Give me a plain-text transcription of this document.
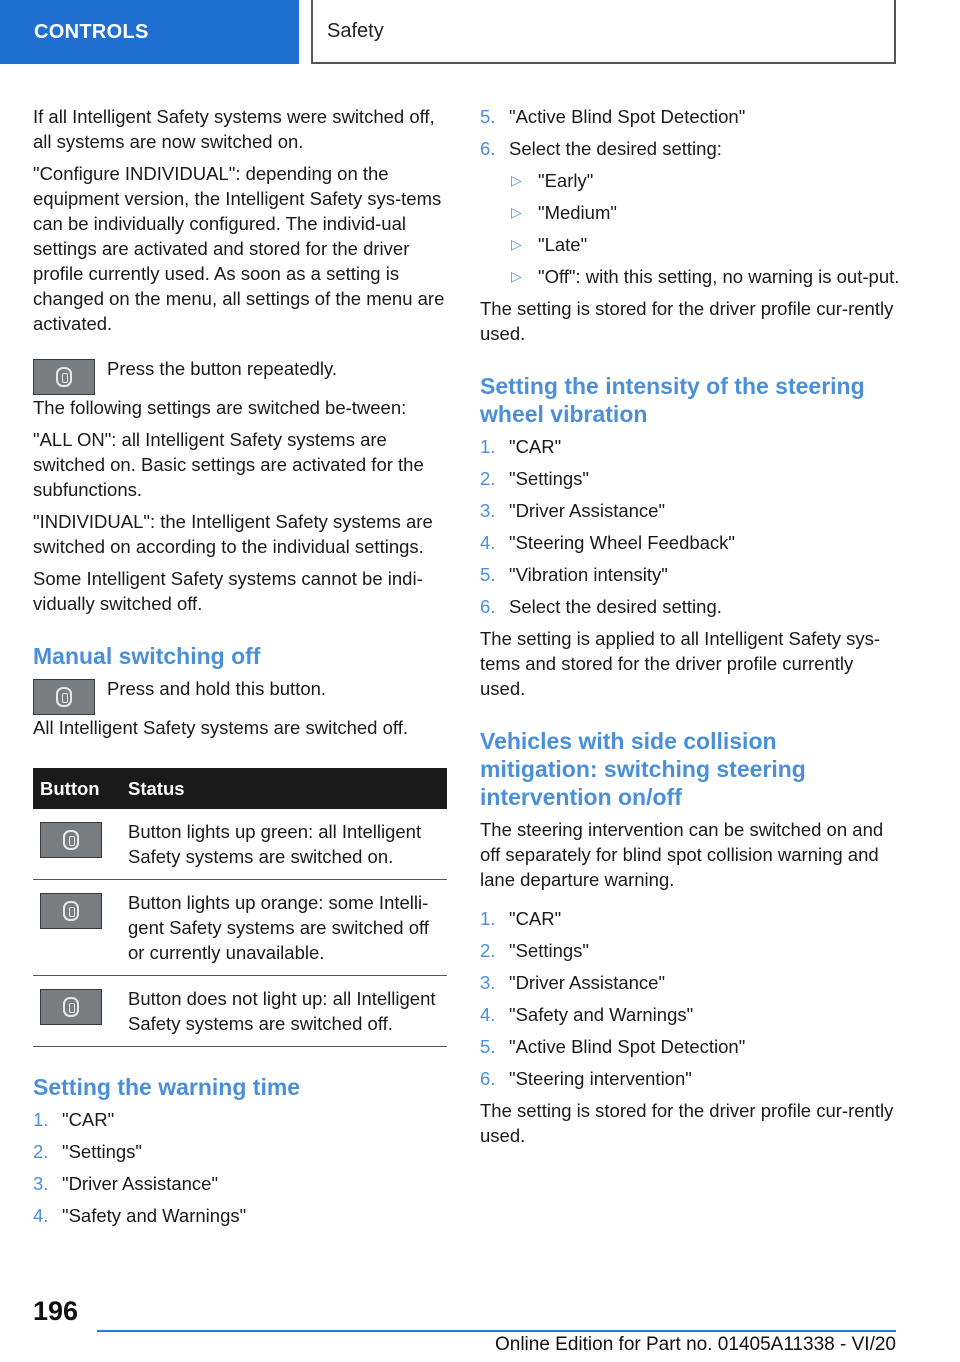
CONTROLS	Safety

If all Intelligent Safety systems were switched off, all systems are now switched on.

"Configure INDIVIDUAL": depending on the equipment version, the Intelligent Safety sys-tems can be individually configured. The individ-ual settings are activated and stored for the driver profile currently used. As soon as a setting is changed on the menu, all settings of the menu are activated.

Press the button repeatedly.

The following settings are switched be-tween:

"ALL ON": all Intelligent Safety systems are switched on. Basic settings are activated for the subfunctions.

"INDIVIDUAL": the Intelligent Safety systems are switched on according to the individual settings.

Some Intelligent Safety systems cannot be indi-vidually switched off.

Manual switching off

Press and hold this button.

All Intelligent Safety systems are switched off.

Button	Status

	Button lights up green: all Intelligent Safety systems are switched on.

	Button lights up orange: some Intelli-gent Safety systems are switched off or currently unavailable.

	Button does not light up: all Intelligent Safety systems are switched off.
Setting the warning time
1. "CAR"
2. "Settings"
3. "Driver Assistance"
4. "Safety and Warnings"
5. "Active Blind Spot Detection"
6. Select the desired setting:
▷ "Early"
▷ "Medium"
▷ "Late"
▷ "Off": with this setting, no warning is out-put.

The setting is stored for the driver profile cur-rently used.

Setting the intensity of the steering wheel vibration
1. "CAR"
2. "Settings"
3. "Driver Assistance"
4. "Steering Wheel Feedback"
5. "Vibration intensity"
6. Select the desired setting.

The setting is applied to all Intelligent Safety sys-tems and stored for the driver profile currently used.

Vehicles with side collision mitigation: switching steering intervention on/off

The steering intervention can be switched on and off separately for blind spot collision warning and lane departure warning.

1. "CAR"
2. "Settings"
3. "Driver Assistance"
4. "Safety and Warnings"
5. "Active Blind Spot Detection"
6. "Steering intervention"

The setting is stored for the driver profile cur-rently used.

196
Online Edition for Part no. 01405A11338 - VI/20
